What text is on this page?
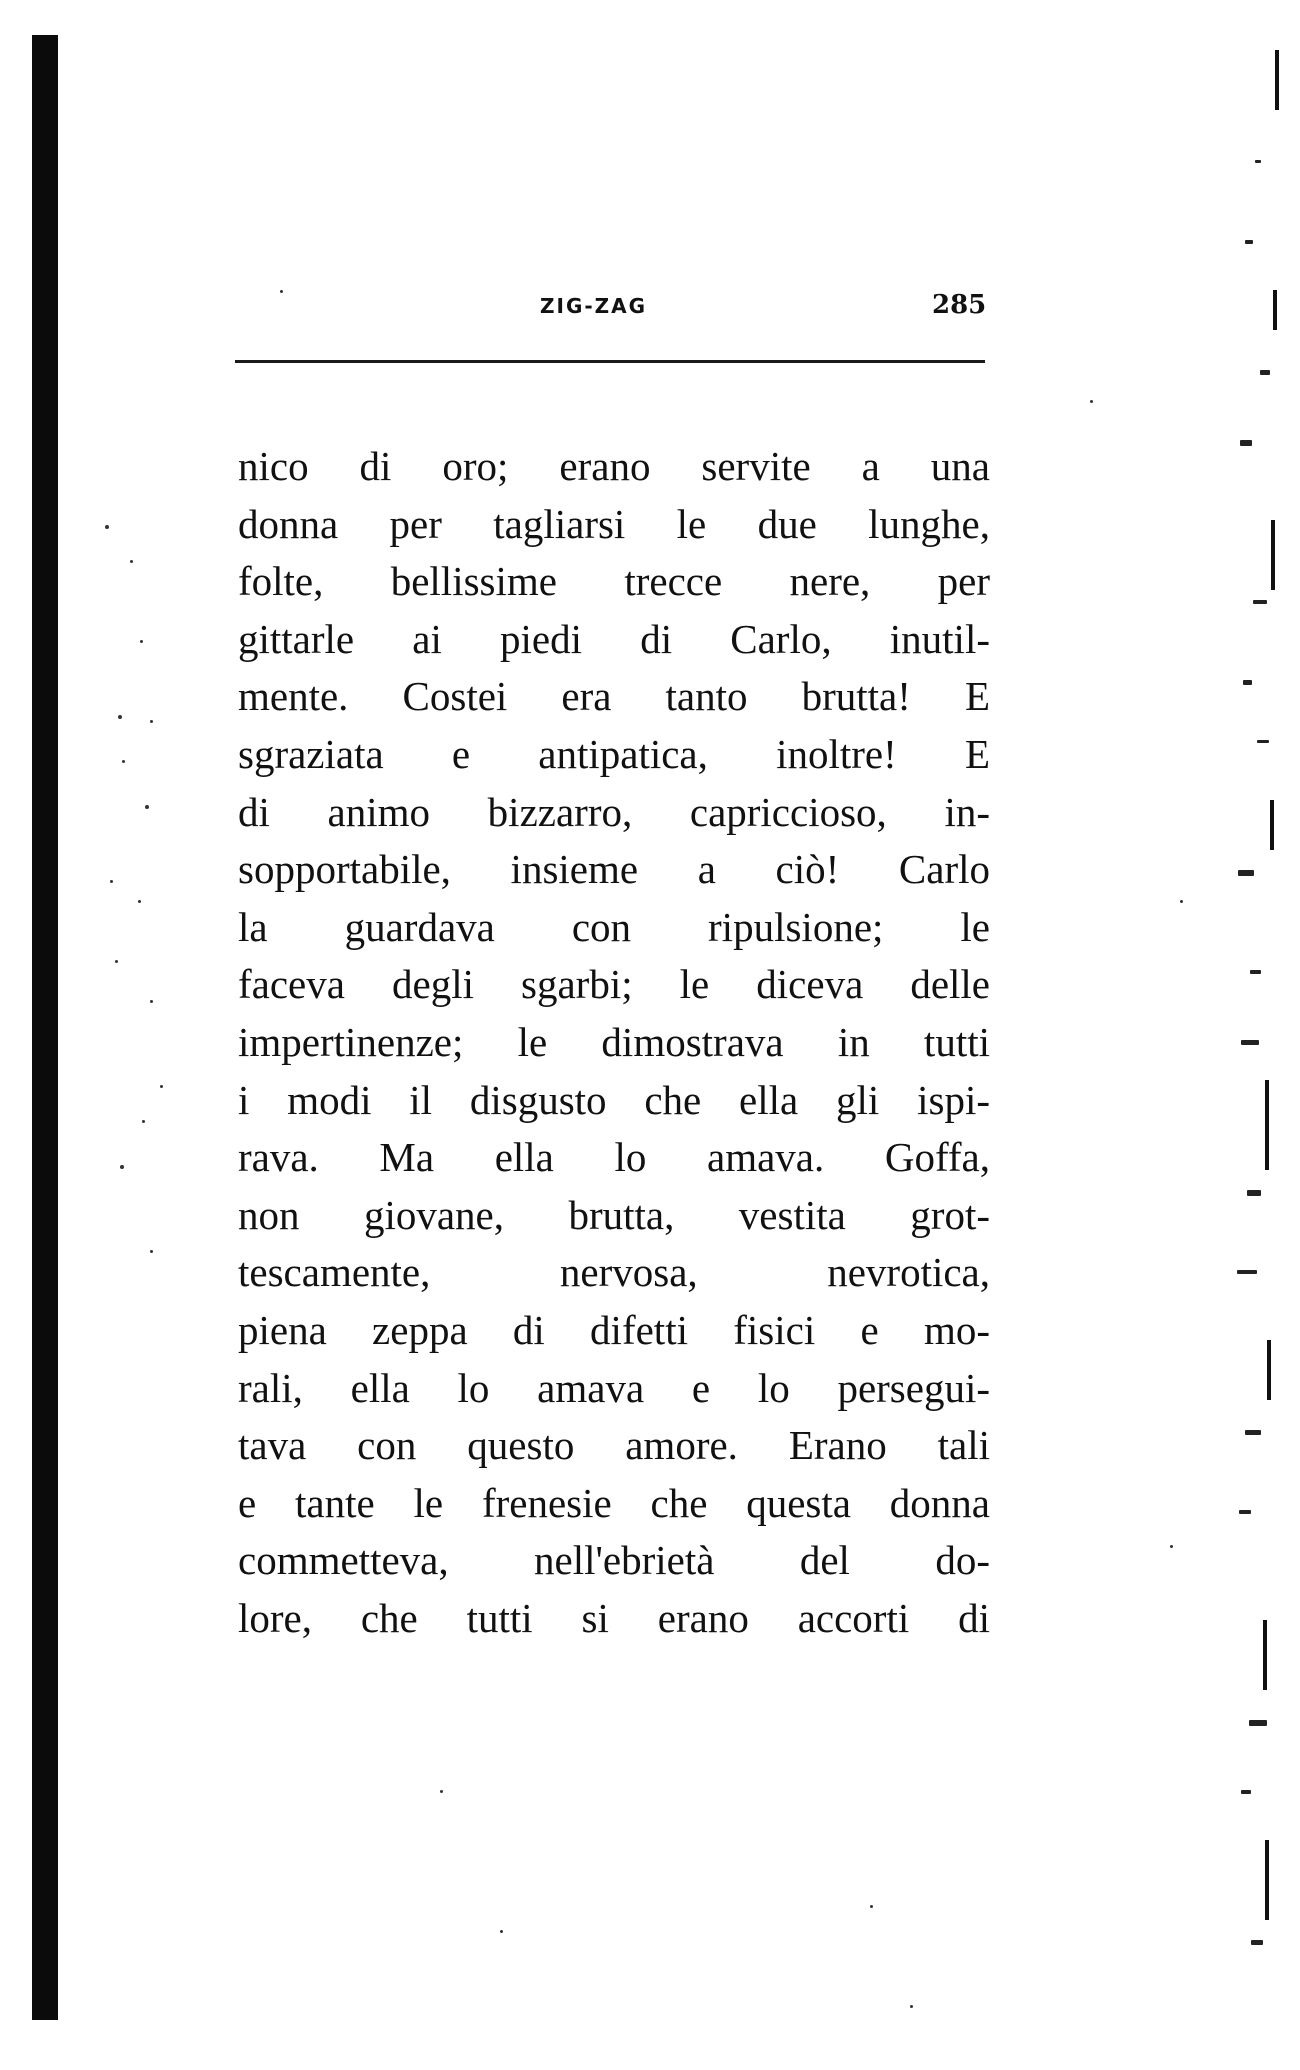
ZIG-ZAG	285
nico di oro; erano servite a una
donna per tagliarsi le due lunghe,
folte, bellissime trecce nere, per
gittarle ai piedi di Carlo, inutil-
mente. Costei era tanto brutta! E
sgraziata e antipatica, inoltre! E
di animo bizzarro, capriccioso, in-
sopportabile, insieme a ciò! Carlo
la guardava con ripulsione; le
faceva degli sgarbi; le diceva delle
impertinenze; le dimostrava in tutti
i modi il disgusto che ella gli ispi-
rava. Ma ella lo amava. Goffa,
non giovane, brutta, vestita grot-
tescamente, nervosa, nevrotica,
piena zeppa di difetti fisici e mo-
rali, ella lo amava e lo persegui-
tava con questo amore. Erano tali
e tante le frenesie che questa donna
commetteva, nell'ebrietà del do-
lore, che tutti si erano accorti di
